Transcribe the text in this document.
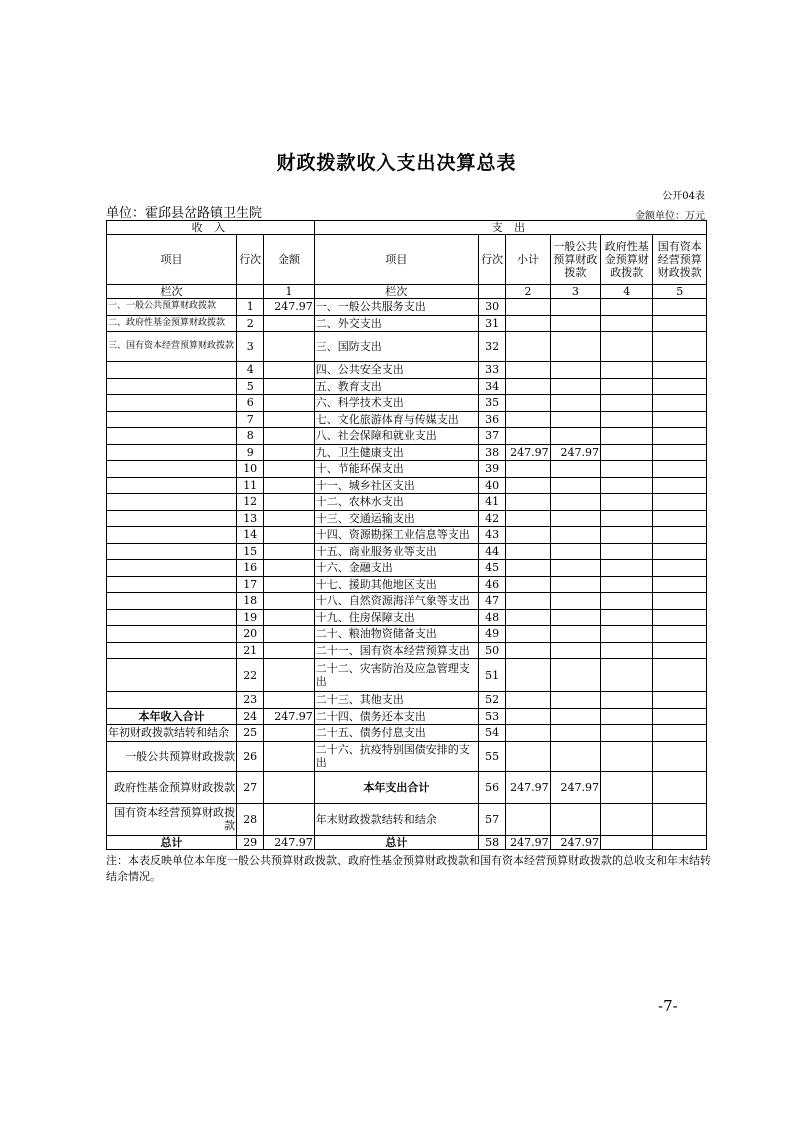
财政拨款收入支出决算总表
公开04表
单位：霍邱县岔路镇卫生院	金额单位：万元
收 入			支 出					
项目	行次	金额	项目	行次	小计	一般公共预算财政拨款	政府性基金预算财政拨款	国有资本经营预算财政拨款
栏次		1	栏次		2	3	4	5
一、一般公共预算财政拨款	1	247.97	一、一般公共服务支出	30				
二、政府性基金预算财政拨款	2		二、外交支出	31				
三、国有资本经营预算财政拨款	3		三、国防支出	32				
	4		四、公共安全支出	33				
	5		五、教育支出	34				
	6		六、科学技术支出	35				
	7		七、文化旅游体育与传媒支出	36				
	8		八、社会保障和就业支出	37				
	9		九、卫生健康支出	38	247.97	247.97		
	10		十、节能环保支出	39				
	11		十一、城乡社区支出	40				
	12		十二、农林水支出	41				
	13		十三、交通运输支出	42				
	14		十四、资源勘探工业信息等支出	43				
	15		十五、商业服务业等支出	44				
	16		十六、金融支出	45				
	17		十七、援助其他地区支出	46				
	18		十八、自然资源海洋气象等支出	47				
	19		十九、住房保障支出	48				
	20		二十、粮油物资储备支出	49				
	21		二十一、国有资本经营预算支出	50				
	22		二十二、灾害防治及应急管理支出	51				
	23		二十三、其他支出	52				
本年收入合计	24	247.97	二十四、债务还本支出	53				
年初财政拨款结转和结余	25		二十五、债务付息支出	54				
一般公共预算财政拨款	26		二十六、抗疫特别国债安排的支出	55				
政府性基金预算财政拨款	27		本年支出合计	56	247.97	247.97		
国有资本经营预算财政拨款	28		年末财政拨款结转和结余	57				
总计	29	247.97	总计	58	247.97	247.97		
注：本表反映单位本年度一般公共预算财政拨款、政府性基金预算财政拨款和国有资本经营预算财政拨款的总收支和年末结转结余情况。
-7-
